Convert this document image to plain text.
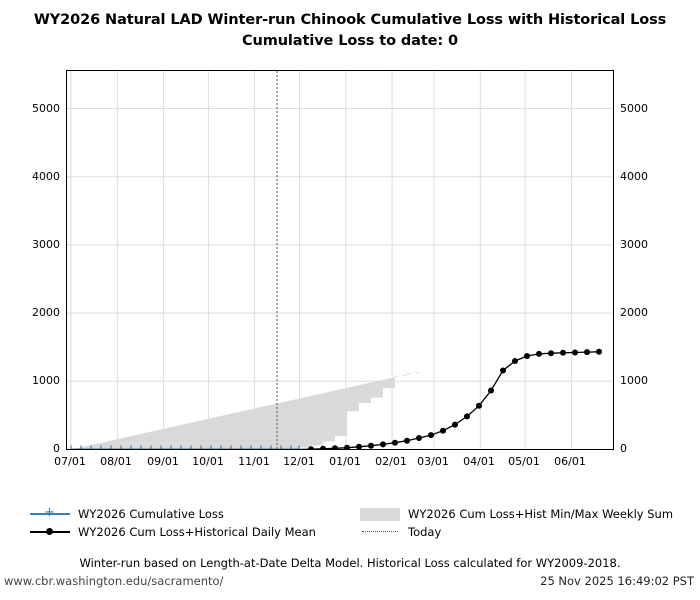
WY2026 Natural LAD Winter-run Chinook Cumulative Loss with Historical Loss
Cumulative Loss to date: 0
0
1000
2000
3000
4000
5000
0
1000
2000
3000
4000
5000
07/01	08/01	09/01	10/01	11/01	12/01	01/01	02/01 03/01	04/01	05/01	06/01
+
WY2026 Cumulative Loss
WY2026 Cum Loss+Historical Daily Mean
WY2026 Cum Loss+Hist Min/Max Weekly Sum
Today
Winter-run based on Length-at-Date Delta Model. Historical Loss calculated for WY2009-2018.
www.cbr.washington.edu/sacramento/	25 Nov 2025 16:49:02 PST
